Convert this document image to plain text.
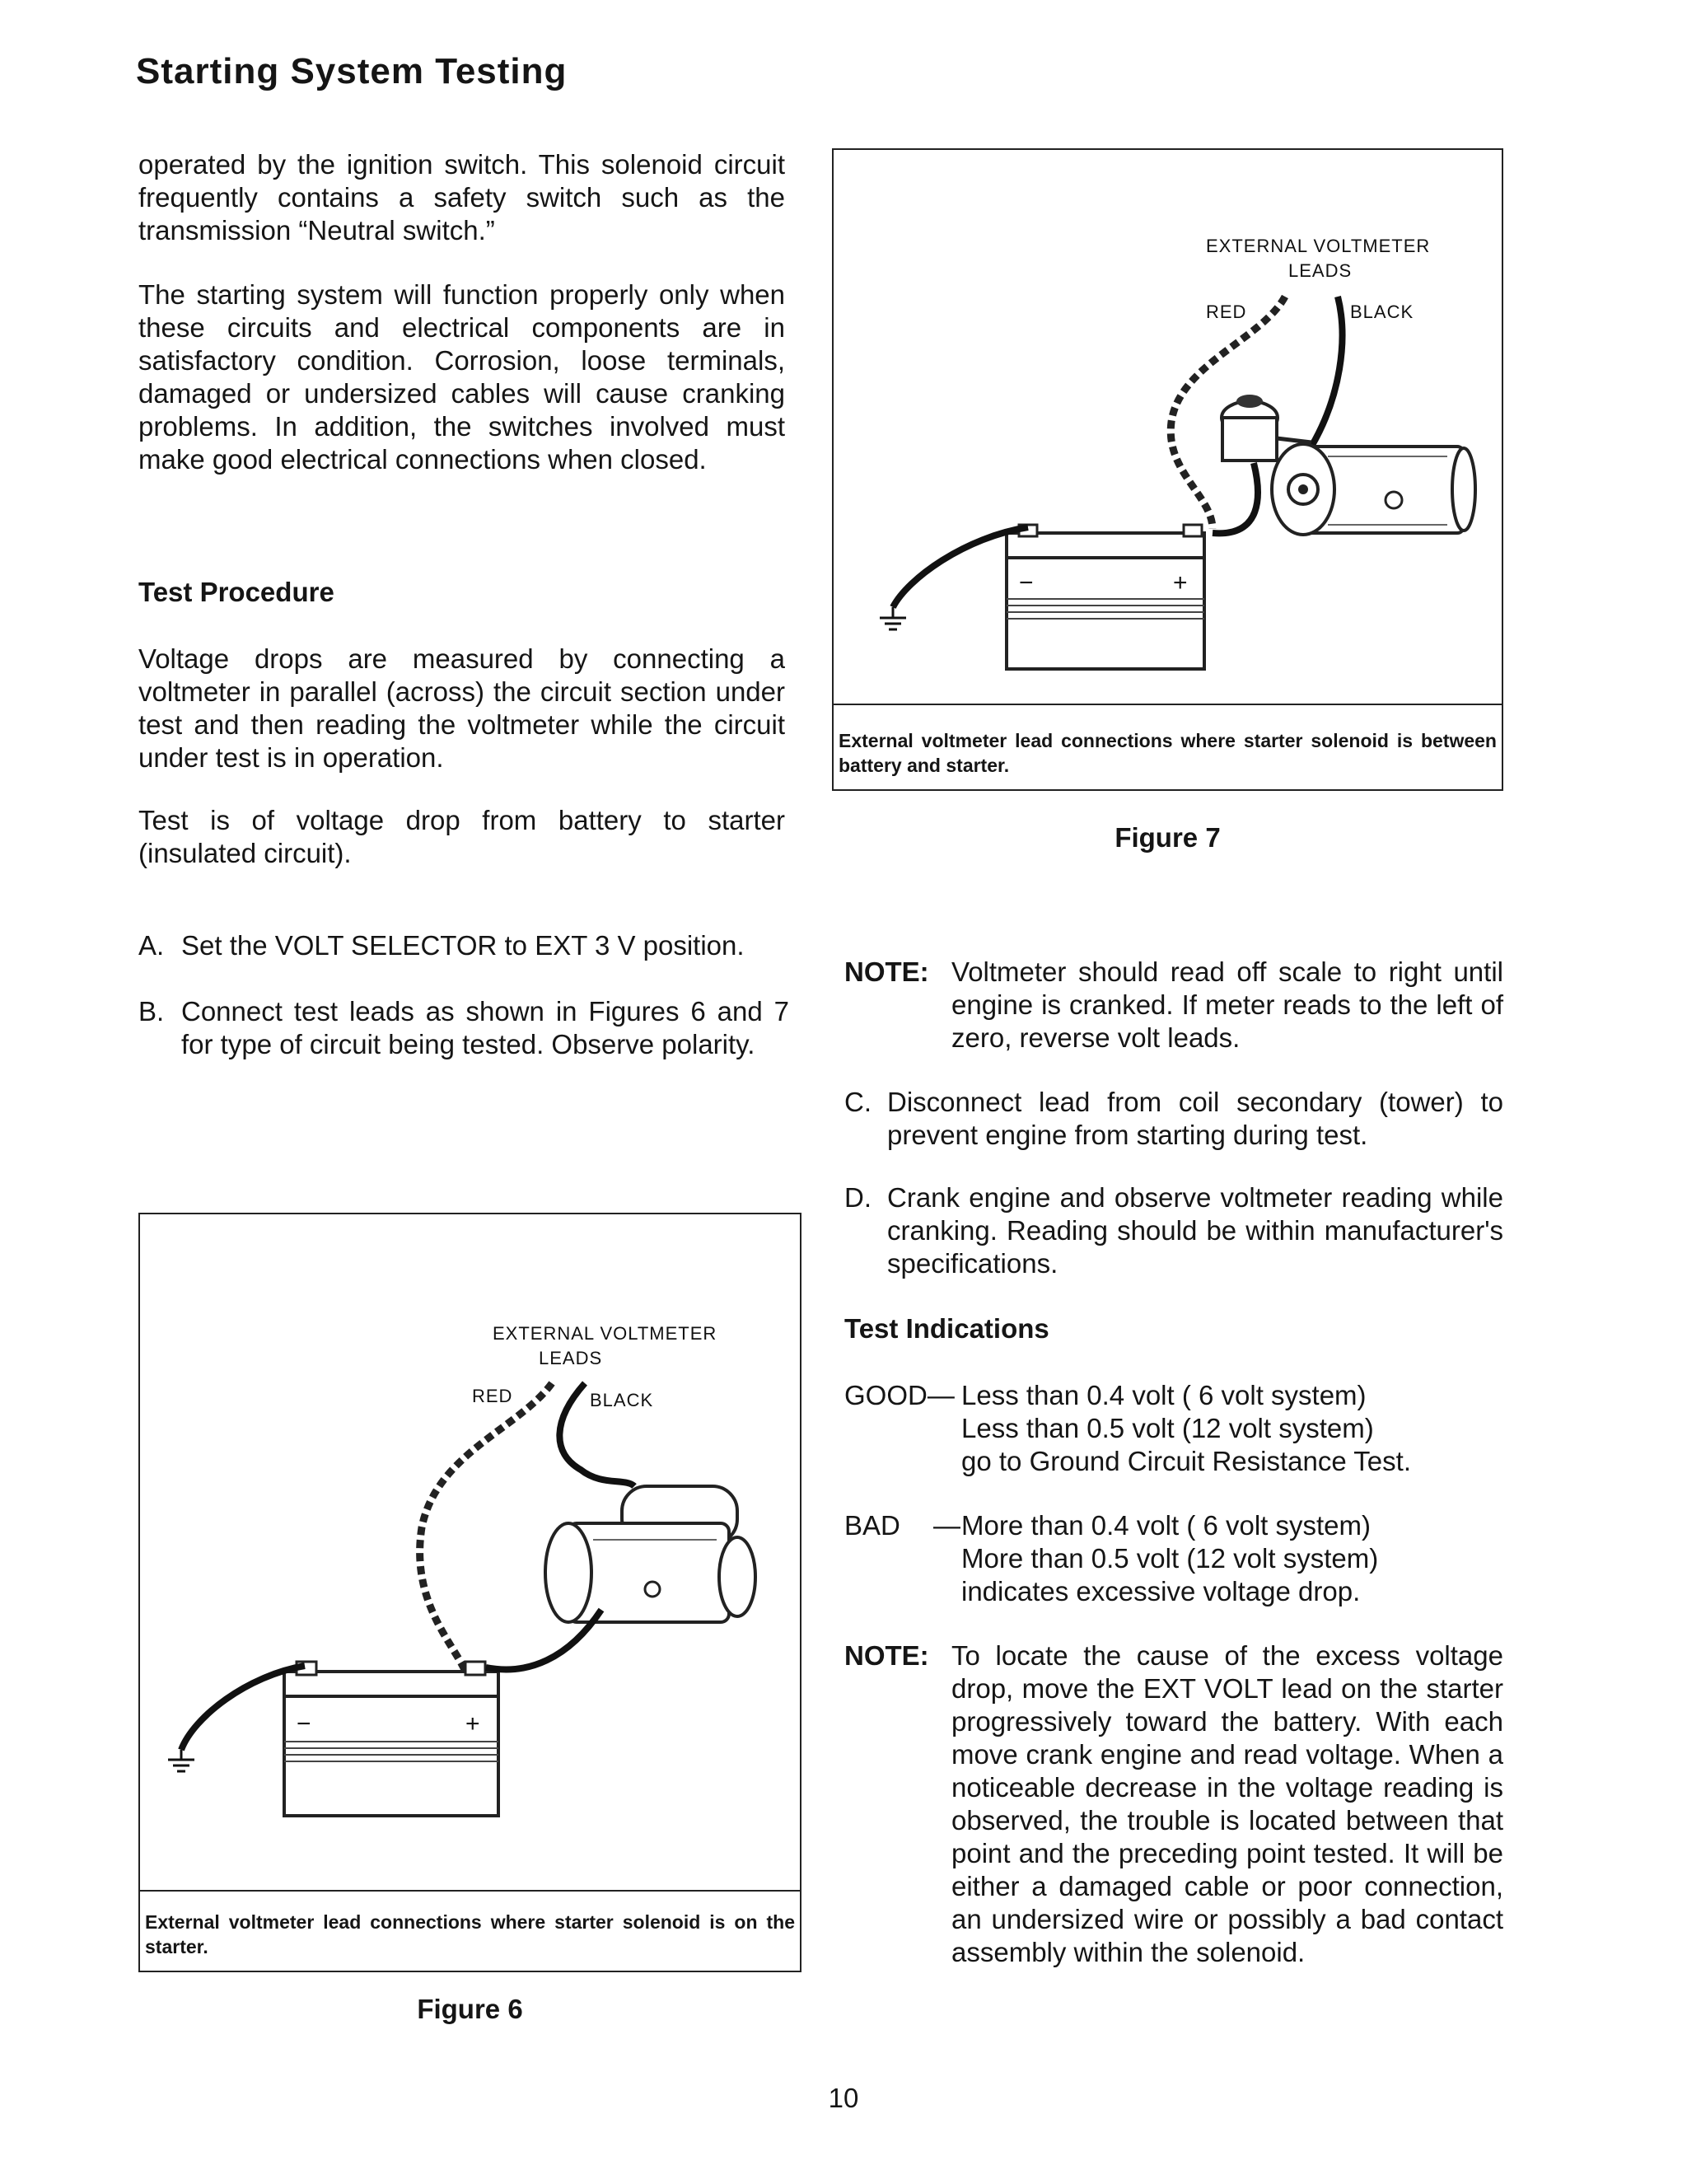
Starting System Testing

operated by the ignition switch. This solenoid circuit frequently contains a safety switch such as the transmission “Neutral switch.”

The starting system will function properly only when these circuits and electrical components are in satisfactory condition. Corrosion, loose terminals, damaged or undersized cables will cause cranking problems. In addition, the switches involved must make good electrical connections when closed.

Test Procedure

Voltage drops are measured by connecting a voltmeter in parallel (across) the circuit section under test and then reading the voltmeter while the circuit under test is in operation.

Test is of voltage drop from battery to starter (insulated circuit).

A. Set the VOLT SELECTOR to EXT 3 V position.

B. Connect test leads as shown in Figures 6 and 7 for type of circuit being tested. Observe polarity.

EXTERNAL VOLTMETER
LEADS
RED	BLACK
−	+
External voltmeter lead connections where starter solenoid is between battery and starter.
Figure 7
EXTERNAL VOLTMETER
LEADS
RED	BLACK
−	+
External voltmeter lead connections where starter solenoid is on the starter.
Figure 6
NOTE: Voltmeter should read off scale to right until engine is cranked. If meter reads to the left of zero, reverse volt leads.

C. Disconnect lead from coil secondary (tower) to prevent engine from starting during test.

D. Crank engine and observe voltmeter reading while cranking. Reading should be within manufacturer's specifications.

Test Indications
GOOD— Less than 0.4 volt ( 6 volt system)
Less than 0.5 volt (12 volt system)
go to Ground Circuit Resistance Test.
BAD — More than 0.4 volt ( 6 volt system)
More than 0.5 volt (12 volt system)
indicates excessive voltage drop.
NOTE: To locate the cause of the excess voltage drop, move the EXT VOLT lead on the starter progressively toward the battery. With each move crank engine and read voltage. When a noticeable decrease in the voltage reading is observed, the trouble is located between that point and the preceding point tested. It will be either a damaged cable or poor connection, an undersized wire or possibly a bad contact assembly within the solenoid.

10
